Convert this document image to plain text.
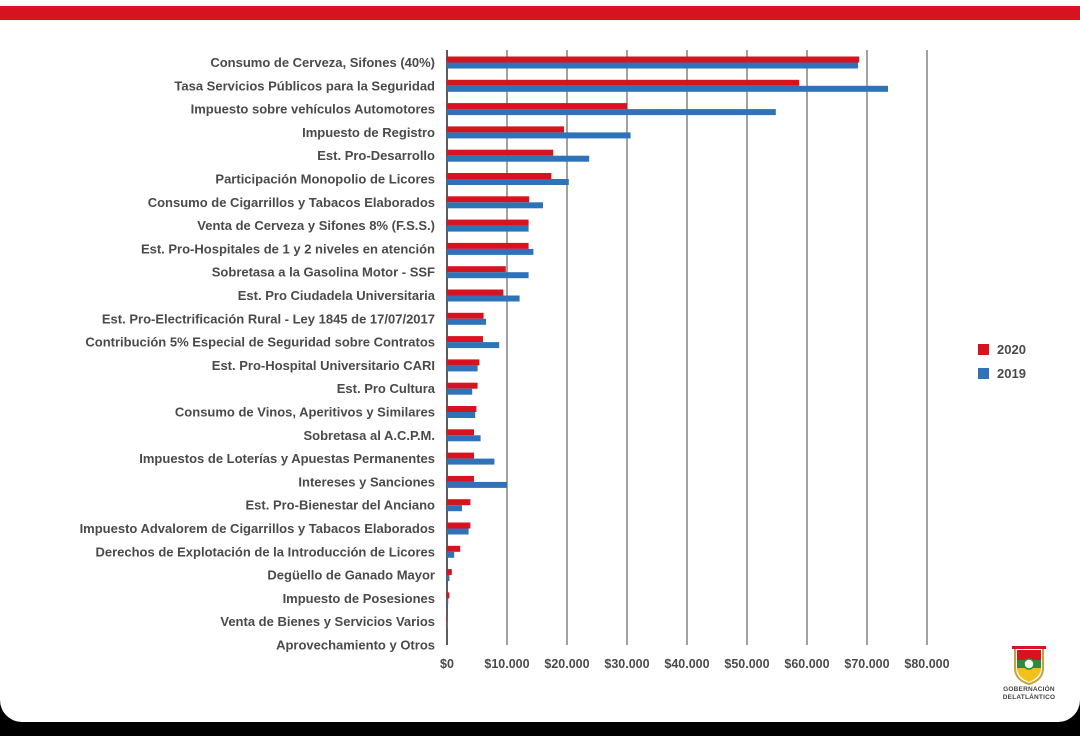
$0 $10.000 $20.000 $30.000 $40.000 $50.000 $60.000 $70.000 $80.000
Consumo de Cerveza, Sifones (40%)
Tasa Servicios Públicos para la Seguridad
Impuesto sobre vehículos Automotores
Impuesto de Registro
Est. Pro-Desarrollo
Participación Monopolio de Licores
Consumo de Cigarrillos y Tabacos Elaborados
Venta de Cerveza y Sifones 8% (F.S.S.)
Est. Pro-Hospitales de 1 y 2 niveles en atención
Sobretasa a la Gasolina Motor - SSF
Est. Pro Ciudadela Universitaria
Est. Pro-Electrificación Rural - Ley 1845 de 17/07/2017
Contribución 5% Especial de Seguridad sobre Contratos
Est. Pro-Hospital Universitario CARI
Est. Pro Cultura
Consumo de Vinos, Aperitivos y Similares
Sobretasa al A.C.P.M.
Impuestos de Loterías y Apuestas Permanentes
Intereses y Sanciones
Est. Pro-Bienestar del Anciano
Impuesto Advalorem de Cigarrillos y Tabacos Elaborados
Derechos de Explotación de la Introducción de Licores
Degüello de Ganado Mayor
Impuesto de Posesiones
Venta de Bienes y Servicios Varios
Aprovechamiento y Otros
2020
2019
GOBERNACIÓN
DELATLÁNTICO
